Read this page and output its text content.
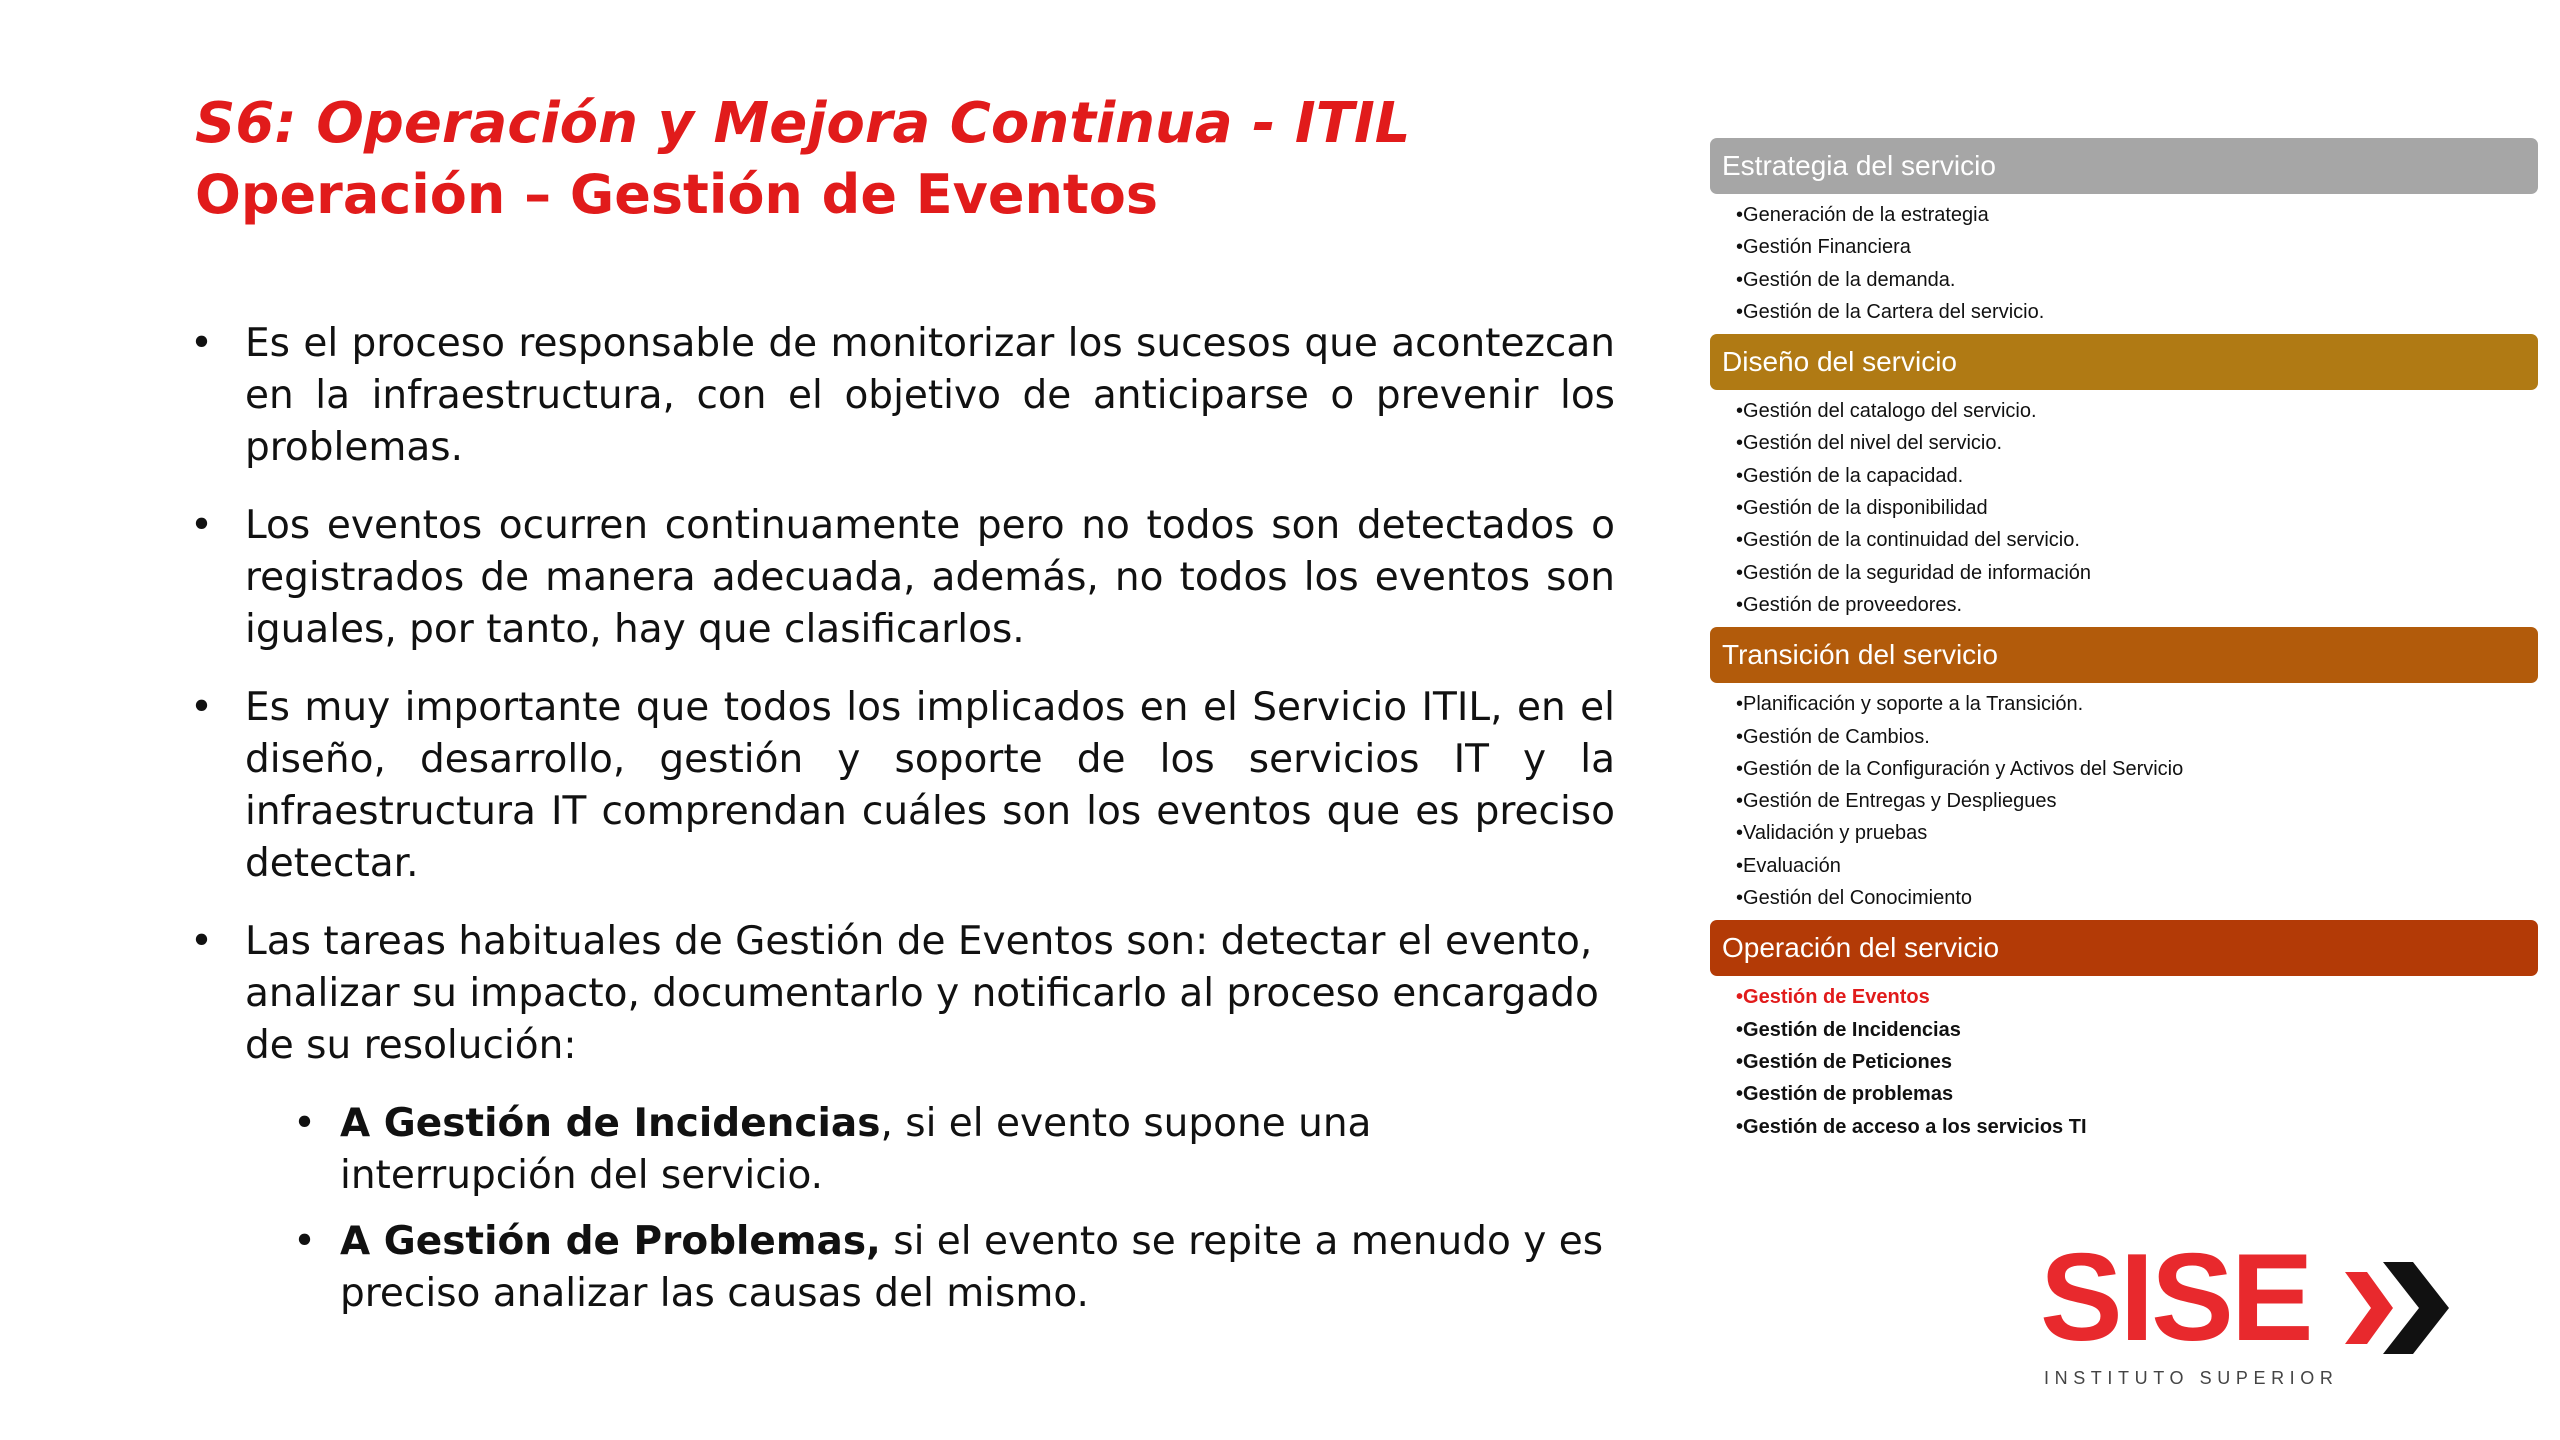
S6: Operación y Mejora Continua - ITIL
Operación – Gestión de Eventos
• Es el proceso responsable de monitorizar los sucesos que acontezcan en la infraestructura, con el objetivo de anticiparse o prevenir los problemas.
• Los eventos ocurren continuamente pero no todos son detectados o registrados de manera adecuada, además, no todos los eventos son iguales, por tanto, hay que clasificarlos.
• Es muy importante que todos los implicados en el Servicio ITIL, en el diseño, desarrollo, gestión y soporte de los servicios IT y la infraestructura IT comprendan cuáles son los eventos que es preciso detectar.
• Las tareas habituales de Gestión de Eventos son: detectar el evento, analizar su impacto, documentarlo y notificarlo al proceso encargado de su resolución:
• A Gestión de Incidencias, si el evento supone una interrupción del servicio.
• A Gestión de Problemas, si el evento se repite a menudo y es preciso analizar las causas del mismo.
Estrategia del servicio
• Generación de la estrategia
• Gestión Financiera
• Gestión de la demanda.
• Gestión de la Cartera del servicio.
Diseño del servicio
• Gestión del catalogo del servicio.
• Gestión del nivel del servicio.
• Gestión de la capacidad.
• Gestión de la disponibilidad
• Gestión de la continuidad del servicio.
• Gestión de la seguridad de información
• Gestión de proveedores.
Transición del servicio
• Planificación y soporte a la Transición.
• Gestión de Cambios.
• Gestión de la Configuración y Activos del Servicio
• Gestión de Entregas y Despliegues
• Validación y pruebas
• Evaluación
• Gestión del Conocimiento
Operación del servicio
• Gestión de Eventos
• Gestión de Incidencias
• Gestión de Peticiones
• Gestión de problemas
• Gestión de acceso a los servicios TI
SISE
INSTITUTO SUPERIOR
